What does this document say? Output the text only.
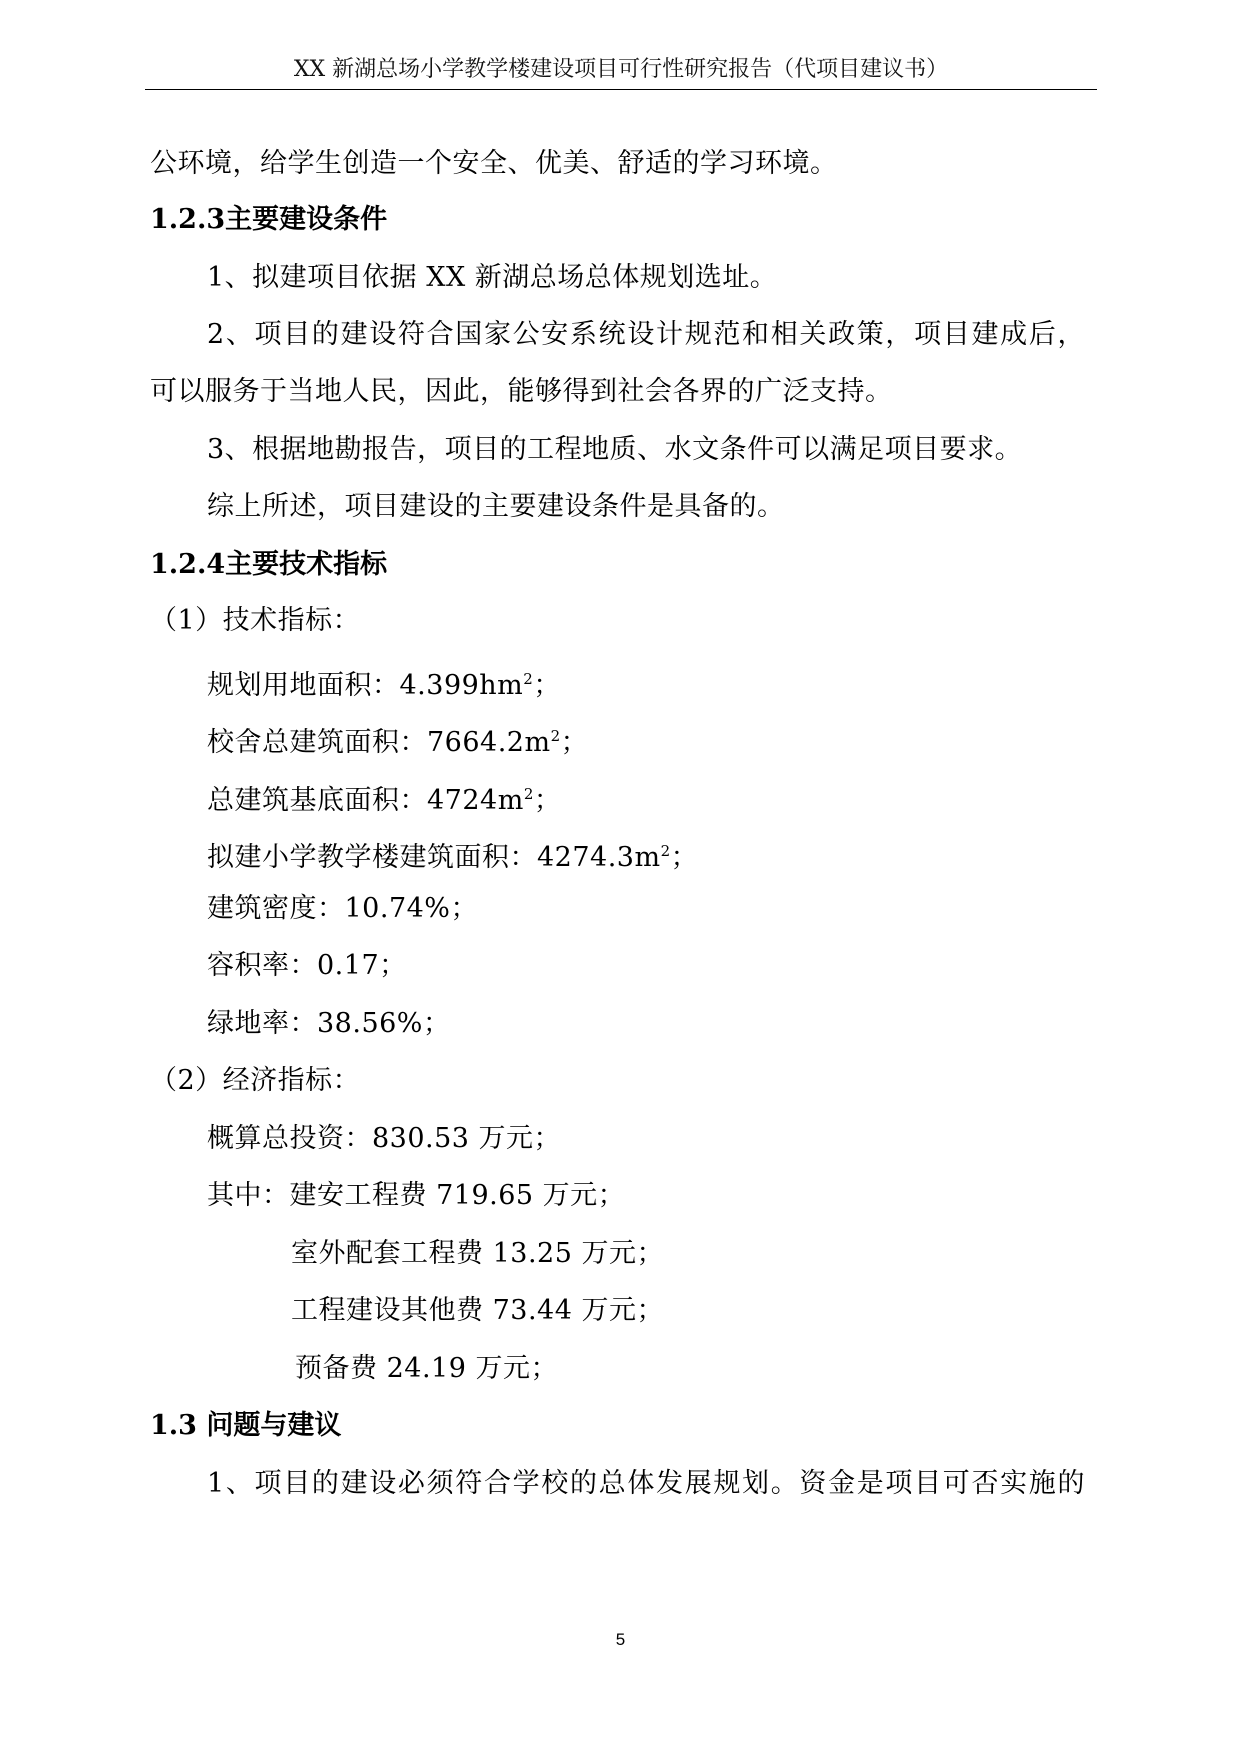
XX 新湖总场小学教学楼建设项目可行性研究报告（代项目建议书）
公环境，给学生创造一个安全、优美、舒适的学习环境。
1.2.3主要建设条件
1、拟建项目依据 XX 新湖总场总体规划选址。
2、项目的建设符合国家公安系统设计规范和相关政策，项目建成后，
可以服务于当地人民，因此，能够得到社会各界的广泛支持。
3、根据地勘报告，项目的工程地质、水文条件可以满足项目要求。
综上所述，项目建设的主要建设条件是具备的。
1.2.4主要技术指标
（1）技术指标：
规划用地面积：$4.399hm^2$；
校舍总建筑面积：$7664.2m^2$；
总建筑基底面积：$4724m^2$；
拟建小学教学楼建筑面积：$4274.3m^2$；
建筑密度：10.74%；
容积率：0.17；
绿地率：38.56%；
（2）经济指标：
概算总投资：830.53 万元；
其中：建安工程费 719.65 万元；
室外配套工程费 13.25 万元；
工程建设其他费 73.44 万元；
预备费 24.19 万元；
1.3 问题与建议
1、项目的建设必须符合学校的总体发展规划。资金是项目可否实施的
5
